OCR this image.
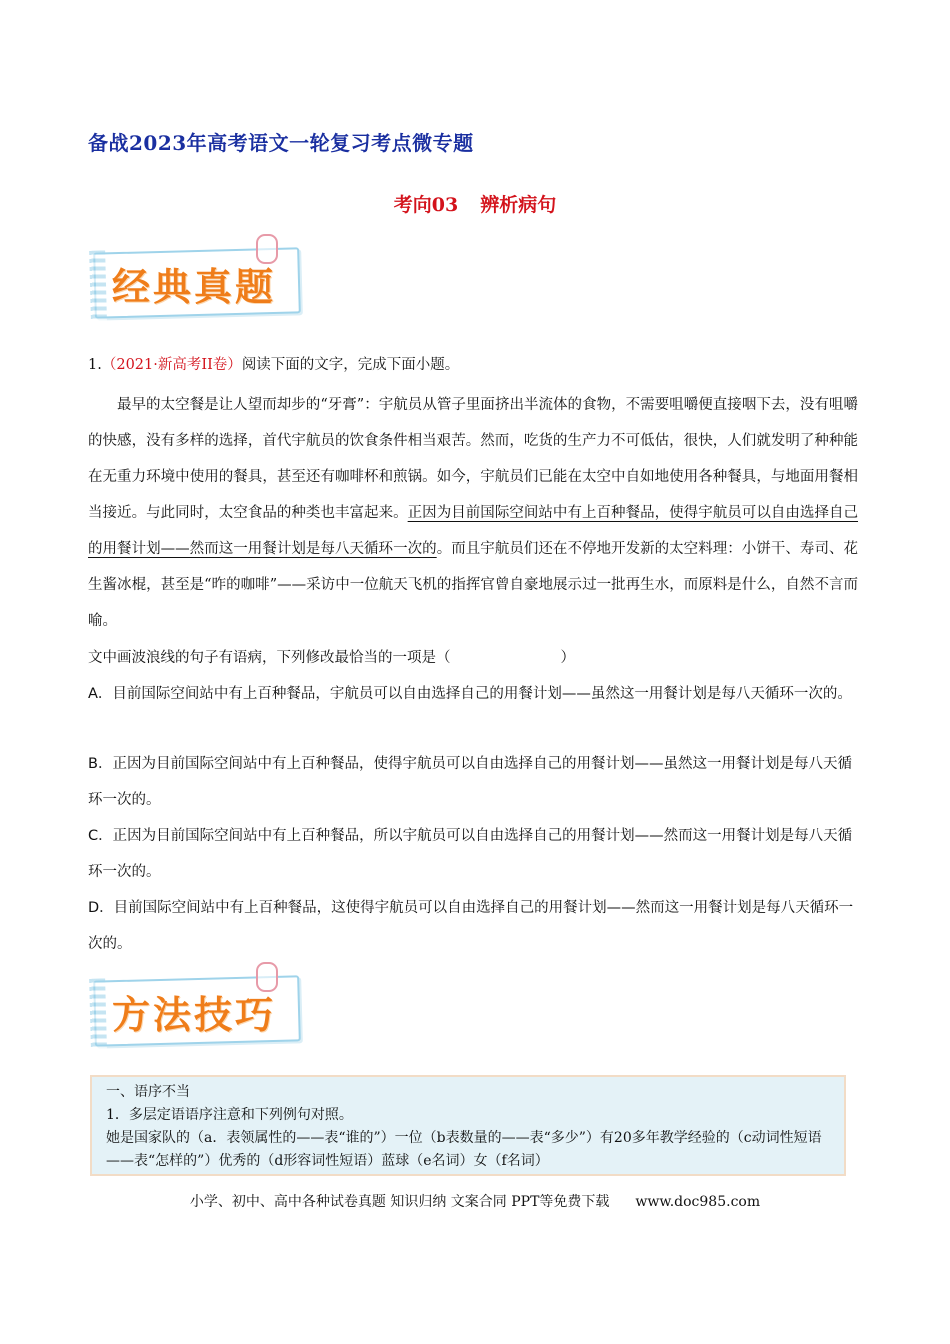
备战2023年高考语文一轮复习考点微专题
考向03 辨析病句
经典真题
1.（2021·新高考II卷）阅读下面的文字，完成下面小题。

最早的太空餐是让人望而却步的“牙膏”：宇航员从管子里面挤出半流体的食物，不需要咀嚼便直接咽下去，没有咀嚼的快感，没有多样的选择，首代宇航员的饮食条件相当艰苦。然而，吃货的生产力不可低估，很快，人们就发明了种种能在无重力环境中使用的餐具，甚至还有咖啡杯和煎锅。如今，宇航员们已能在太空中自如地使用各种餐具，与地面用餐相当接近。与此同时，太空食品的种类也丰富起来。正因为目前国际空间站中有上百种餐品，使得宇航员可以自由选择自己的用餐计划——然而这一用餐计划是每八天循环一次的。而且宇航员们还在不停地开发新的太空料理：小饼干、寿司、花生酱冰棍，甚至是“昨的咖啡”——采访中一位航天飞机的指挥官曾自豪地展示过一批再生水，而原料是什么，自然不言而喻。

文中画波浪线的句子有语病，下列修改最恰当的一项是（	）

A．目前国际空间站中有上百种餐品，宇航员可以自由选择自己的用餐计划——虽然这一用餐计划是每八天循环一次的。

B．正因为目前国际空间站中有上百种餐品，使得宇航员可以自由选择自己的用餐计划——虽然这一用餐计划是每八天循环一次的。

C．正因为目前国际空间站中有上百种餐品，所以宇航员可以自由选择自己的用餐计划——然而这一用餐计划是每八天循环一次的。

D．目前国际空间站中有上百种餐品，这使得宇航员可以自由选择自己的用餐计划——然而这一用餐计划是每八天循环一次的。

方法技巧

一、语序不当

1．多层定语语序注意和下列例句对照。

她是国家队的（a．表领属性的——表“谁的”）一位（b表数量的——表“多少”）有20多年教学经验的（c动词性短语——表“怎样的”）优秀的（d形容词性短语）蓝球（e名词）女（f名词）

小学、初中、高中各种试卷真题 知识归纳 文案合同 PPT等免费下载 www.doc985.com
